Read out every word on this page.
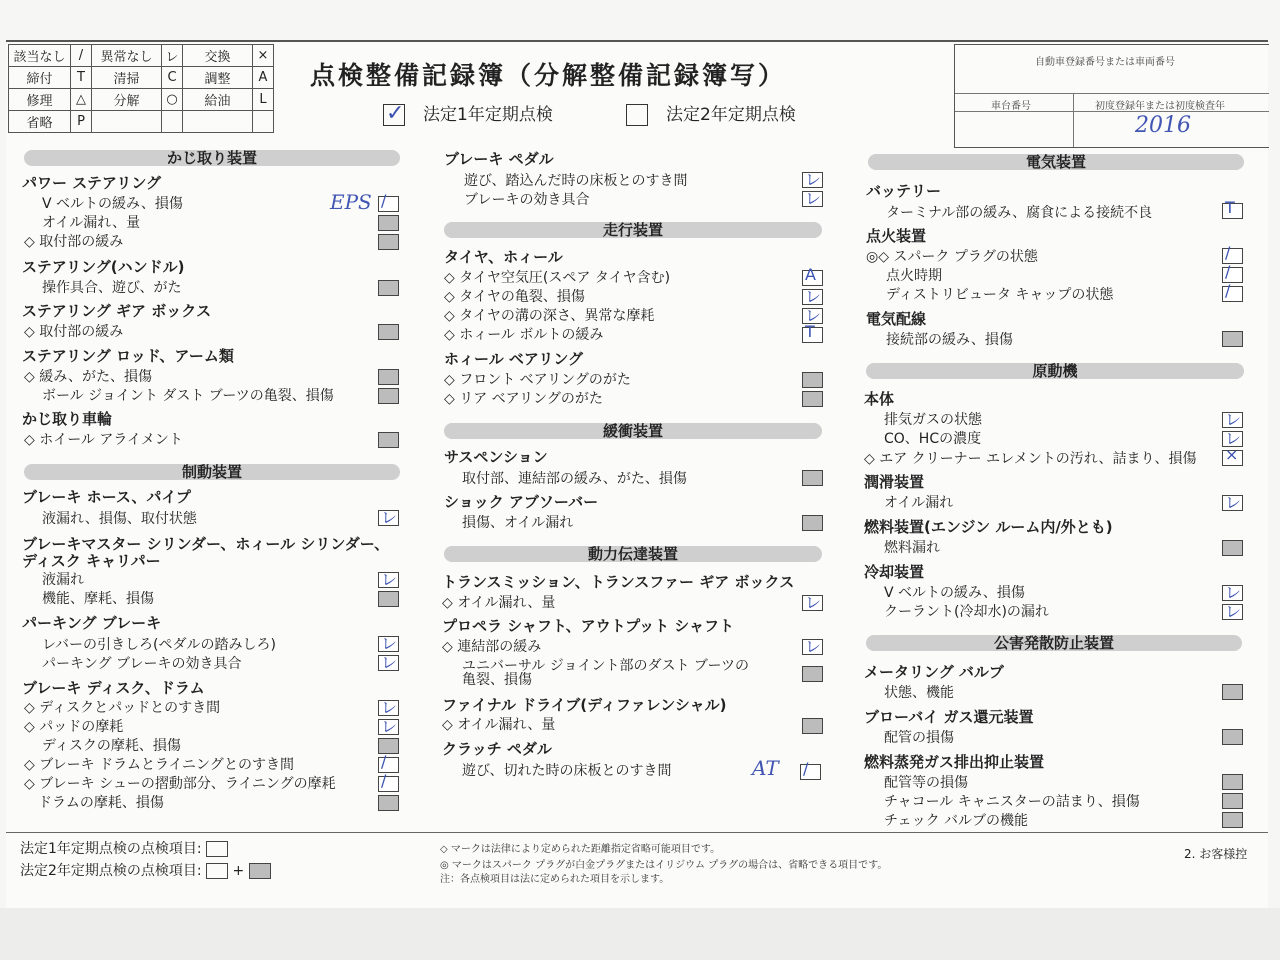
該当なし	/	異常なし	レ	交換	×
締付	T	清掃	C	調整	A
修理	△	分解	○	給油	L
省略	P				
点検整備記録簿（分解整備記録簿写）
✓法定1年定期点検	法定2年定期点検
自動車登録番号または車両番号
車台番号	初度登録年または初度検査年
2016
かじ取り装置
パワー ステアリング
V ベルトの緩み、損傷	EPS /
オイル漏れ、量
◇ 取付部の緩み
ステアリング(ハンドル)
操作具合、遊び、がた
ステアリング ギア ボックス
◇ 取付部の緩み
ステアリング ロッド、アーム類
◇ 緩み、がた、損傷
ボール ジョイント ダスト ブーツの亀裂、損傷
かじ取り車輪
◇ ホイール アライメント
制動装置
ブレーキ ホース、パイプ
液漏れ、損傷、取付状態	レ
ブレーキマスター シリンダー、ホィール シリンダー、
ディスク キャリパー
液漏れ	レ
機能、摩耗、損傷
パーキング ブレーキ
レバーの引きしろ(ペダルの踏みしろ)	レ
パーキング ブレーキの効き具合	レ
ブレーキ ディスク、ドラム
◇ ディスクとパッドとのすき間	レ
◇ パッドの摩耗	レ
ディスクの摩耗、損傷
◇ ブレーキ ドラムとライニングとのすき間	/
◇ ブレーキ シューの摺動部分、ライニングの摩耗	/
ドラムの摩耗、損傷
ブレーキ ペダル
遊び、踏込んだ時の床板とのすき間	レ
ブレーキの効き具合	レ
走行装置
タイヤ、ホィール
◇ タイヤ空気圧(スペア タイヤ含む)	A
◇ タイヤの亀裂、損傷	レ
◇ タイヤの溝の深さ、異常な摩耗	レ
◇ ホィール ボルトの緩み	T
ホィール ベアリング
◇ フロント ベアリングのがた
◇ リア ベアリングのがた
緩衝装置
サスペンション
取付部、連結部の緩み、がた、損傷
ショック アブソーバー
損傷、オイル漏れ
動力伝達装置
トランスミッション、トランスファー ギア ボックス
◇ オイル漏れ、量	レ
プロペラ シャフト、アウトプット シャフト
◇ 連結部の緩み	レ
ユニバーサル ジョイント部のダスト ブーツの
亀裂、損傷
ファイナル ドライブ(ディファレンシャル)
◇ オイル漏れ、量
クラッチ ペダル
遊び、切れた時の床板とのすき間	AT /
電気装置
バッテリー
ターミナル部の緩み、腐食による接続不良	T
点火装置
◎◇ スパーク プラグの状態	/
点火時期	/
ディストリビュータ キャップの状態	/
電気配線
接続部の緩み、損傷
原動機
本体
排気ガスの状態	レ
CO、HCの濃度	レ
◇ エア クリーナー エレメントの汚れ、詰まり、損傷 ×
潤滑装置
オイル漏れ	レ
燃料装置(エンジン ルーム内/外とも)
燃料漏れ
冷却装置
V ベルトの緩み、損傷	レ
クーラント(冷却水)の漏れ	レ
公害発散防止装置
メータリング バルブ
状態、機能
ブローバイ ガス還元装置
配管の損傷
燃料蒸発ガス排出抑止装置
配管等の損傷
チャコール キャニスターの詰まり、損傷
チェック バルブの機能
法定1年定期点検の点検項目:
法定2年定期点検の点検項目: +
◇ マークは法律により定められた距離指定省略可能項目です。
◎ マークはスパーク プラグが白金プラグまたはイリジウム プラグの場合は、省略できる項目です。
注：各点検項目は法に定められた項目を示します。
2. お客様控
